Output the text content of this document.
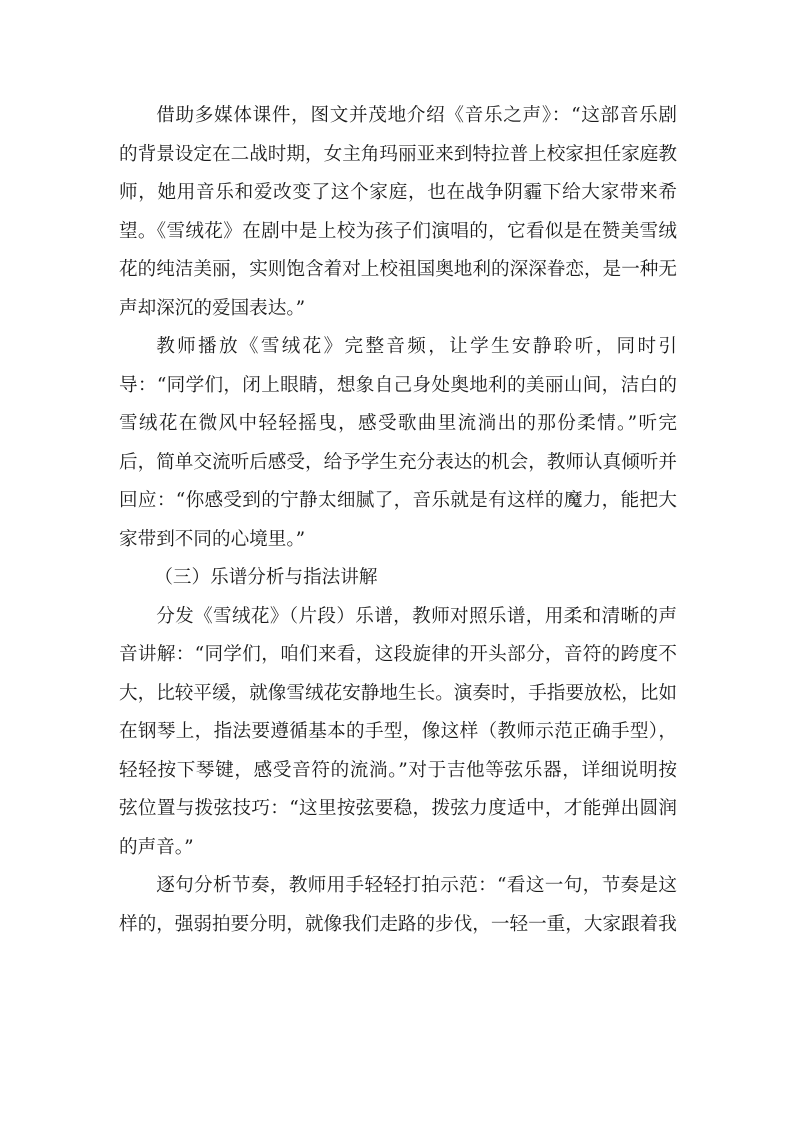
借助多媒体课件，图文并茂地介绍《音乐之声》：“这部音乐剧的背景设定在二战时期，女主角玛丽亚来到特拉普上校家担任家庭教师，她用音乐和爱改变了这个家庭，也在战争阴霾下给大家带来希望。《雪绒花》在剧中是上校为孩子们演唱的，它看似是在赞美雪绒花的纯洁美丽，实则饱含着对上校祖国奥地利的深深眷恋，是一种无声却深沉的爱国表达。”

教师播放《雪绒花》完整音频，让学生安静聆听，同时引导：“同学们，闭上眼睛，想象自己身处奥地利的美丽山间，洁白的雪绒花在微风中轻轻摇曳，感受歌曲里流淌出的那份柔情。”听完后，简单交流听后感受，给予学生充分表达的机会，教师认真倾听并回应：“你感受到的宁静太细腻了，音乐就是有这样的魔力，能把大家带到不同的心境里。”

（三）乐谱分析与指法讲解

分发《雪绒花》（片段）乐谱，教师对照乐谱，用柔和清晰的声音讲解：“同学们，咱们来看，这段旋律的开头部分，音符的跨度不大，比较平缓，就像雪绒花安静地生长。演奏时，手指要放松，比如在钢琴上，指法要遵循基本的手型，像这样（教师示范正确手型），轻轻按下琴键，感受音符的流淌。”对于吉他等弦乐器，详细说明按弦位置与拨弦技巧：“这里按弦要稳，拨弦力度适中，才能弹出圆润的声音。”

逐句分析节奏，教师用手轻轻打拍示范：“看这一句，节奏是这样的，强弱拍要分明，就像我们走路的步伐，一轻一重，大家跟着我
